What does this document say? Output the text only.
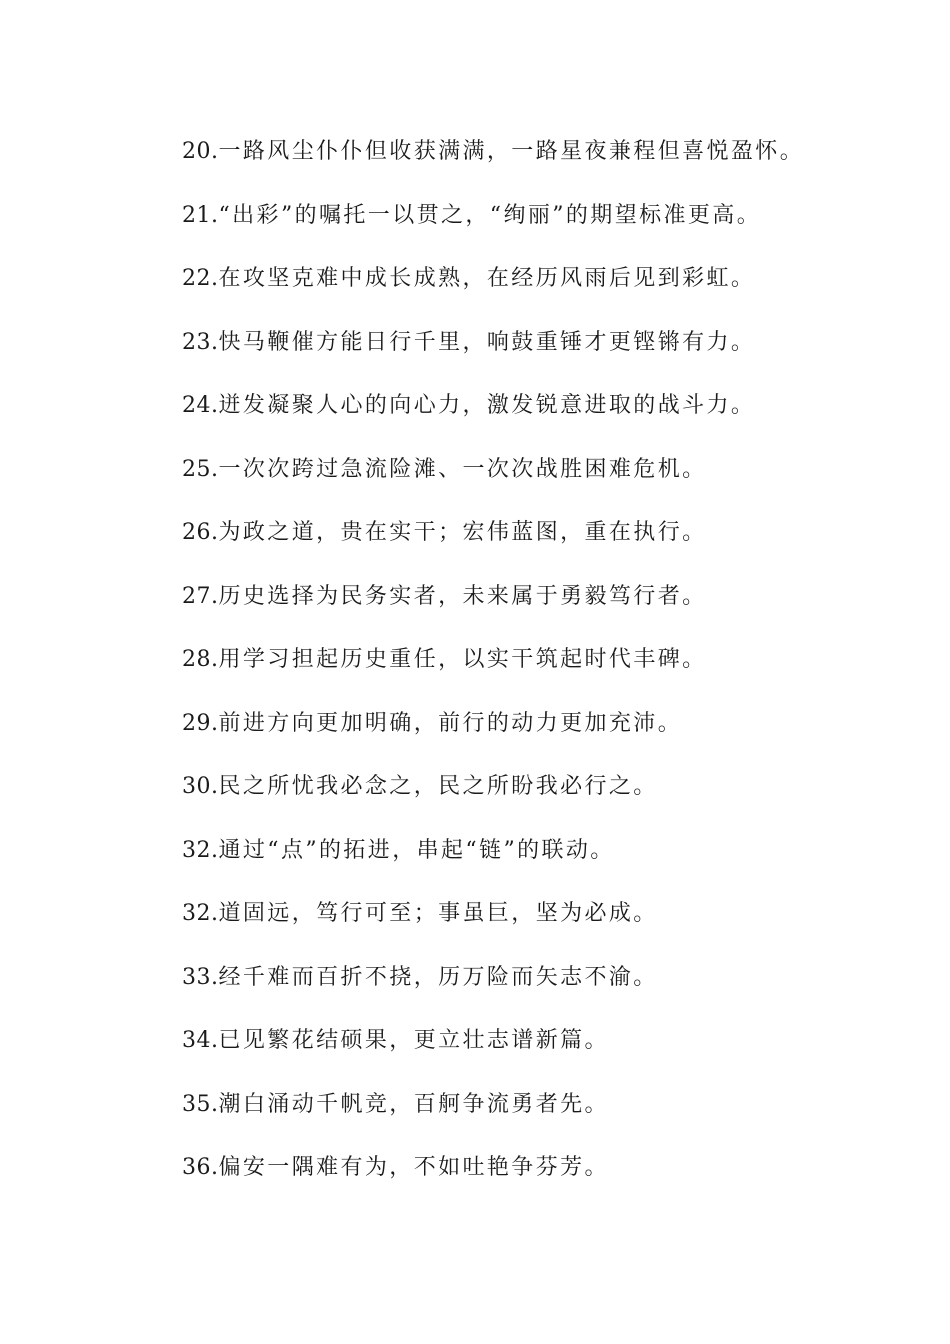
20.一路风尘仆仆但收获满满，一路星夜兼程但喜悦盈怀。
21.“出彩”的嘱托一以贯之，“绚丽”的期望标准更高。
22.在攻坚克难中成长成熟，在经历风雨后见到彩虹。
23.快马鞭催方能日行千里，响鼓重锤才更铿锵有力。
24.迸发凝聚人心的向心力，激发锐意进取的战斗力。
25.一次次跨过急流险滩、一次次战胜困难危机。
26.为政之道，贵在实干；宏伟蓝图，重在执行。
27.历史选择为民务实者，未来属于勇毅笃行者。
28.用学习担起历史重任，以实干筑起时代丰碑。
29.前进方向更加明确，前行的动力更加充沛。
30.民之所忧我必念之，民之所盼我必行之。
32.通过“点”的拓进，串起“链”的联动。
32.道固远，笃行可至；事虽巨，坚为必成。
33.经千难而百折不挠，历万险而矢志不渝。
34.已见繁花结硕果，更立壮志谱新篇。
35.潮白涌动千帆竞，百舸争流勇者先。
36.偏安一隅难有为，不如吐艳争芬芳。
